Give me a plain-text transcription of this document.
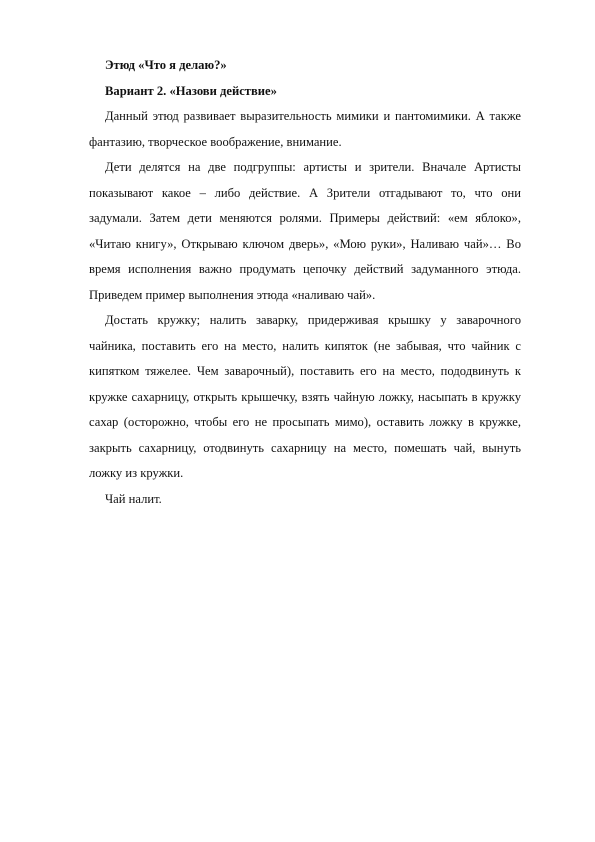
Этюд «Что я делаю?»

Вариант 2. «Назови действие»

Данный этюд развивает выразительность мимики и пантомимики. А также фантазию, творческое воображение, внимание.

Дети делятся на две подгруппы: артисты и зрители. Вначале Артисты показывают какое – либо действие. А Зрители отгадывают то, что они задумали. Затем дети меняются ролями. Примеры действий: «ем яблоко», «Читаю книгу», Открываю ключом дверь», «Мою руки», Наливаю чай»… Во время исполнения важно продумать цепочку действий задуманного этюда. Приведем пример выполнения этюда «наливаю чай».

Достать кружку; налить заварку, придерживая крышку у заварочного чайника, поставить его на место, налить кипяток (не забывая, что чайник с кипятком тяжелее. Чем заварочный), поставить его на место, пододвинуть к кружке сахарницу, открыть крышечку, взять чайную ложку, насыпать в кружку сахар (осторожно, чтобы его не просыпать мимо), оставить ложку в кружке, закрыть сахарницу, отодвинуть сахарницу на место, помешать чай, вынуть ложку из кружки.

Чай налит.
